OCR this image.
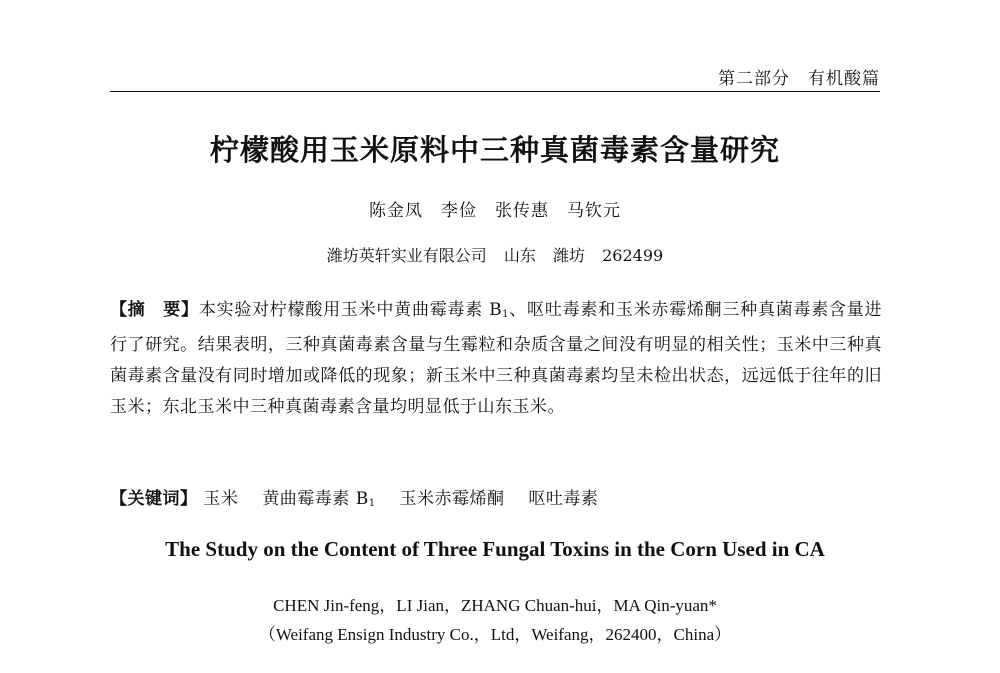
第二部分　有机酸篇
柠檬酸用玉米原料中三种真菌毒素含量研究
陈金凤　李俭　张传惠　马钦元
潍坊英轩实业有限公司 山东 潍坊 262499
【摘　要】本实验对柠檬酸用玉米中黄曲霉毒素 $B_1$、呕吐毒素和玉米赤霉烯酮三种真菌毒素含量进行了研究。结果表明，三种真菌毒素含量与生霉粒和杂质含量之间没有明显的相关性；玉米中三种真菌毒素含量没有同时增加或降低的现象；新玉米中三种真菌毒素均呈未检出状态，远远低于往年的旧玉米；东北玉米中三种真菌毒素含量均明显低于山东玉米。
【关键词】 玉米 黄曲霉毒素 $B_1$ 玉米赤霉烯酮 呕吐毒素
The Study on the Content of Three Fungal Toxins in the Corn Used in CA
CHEN Jin-feng，LI Jian，ZHANG Chuan-hui，MA Qin-yuan*
（Weifang Ensign Industry Co.，Ltd，Weifang，262400，China）
